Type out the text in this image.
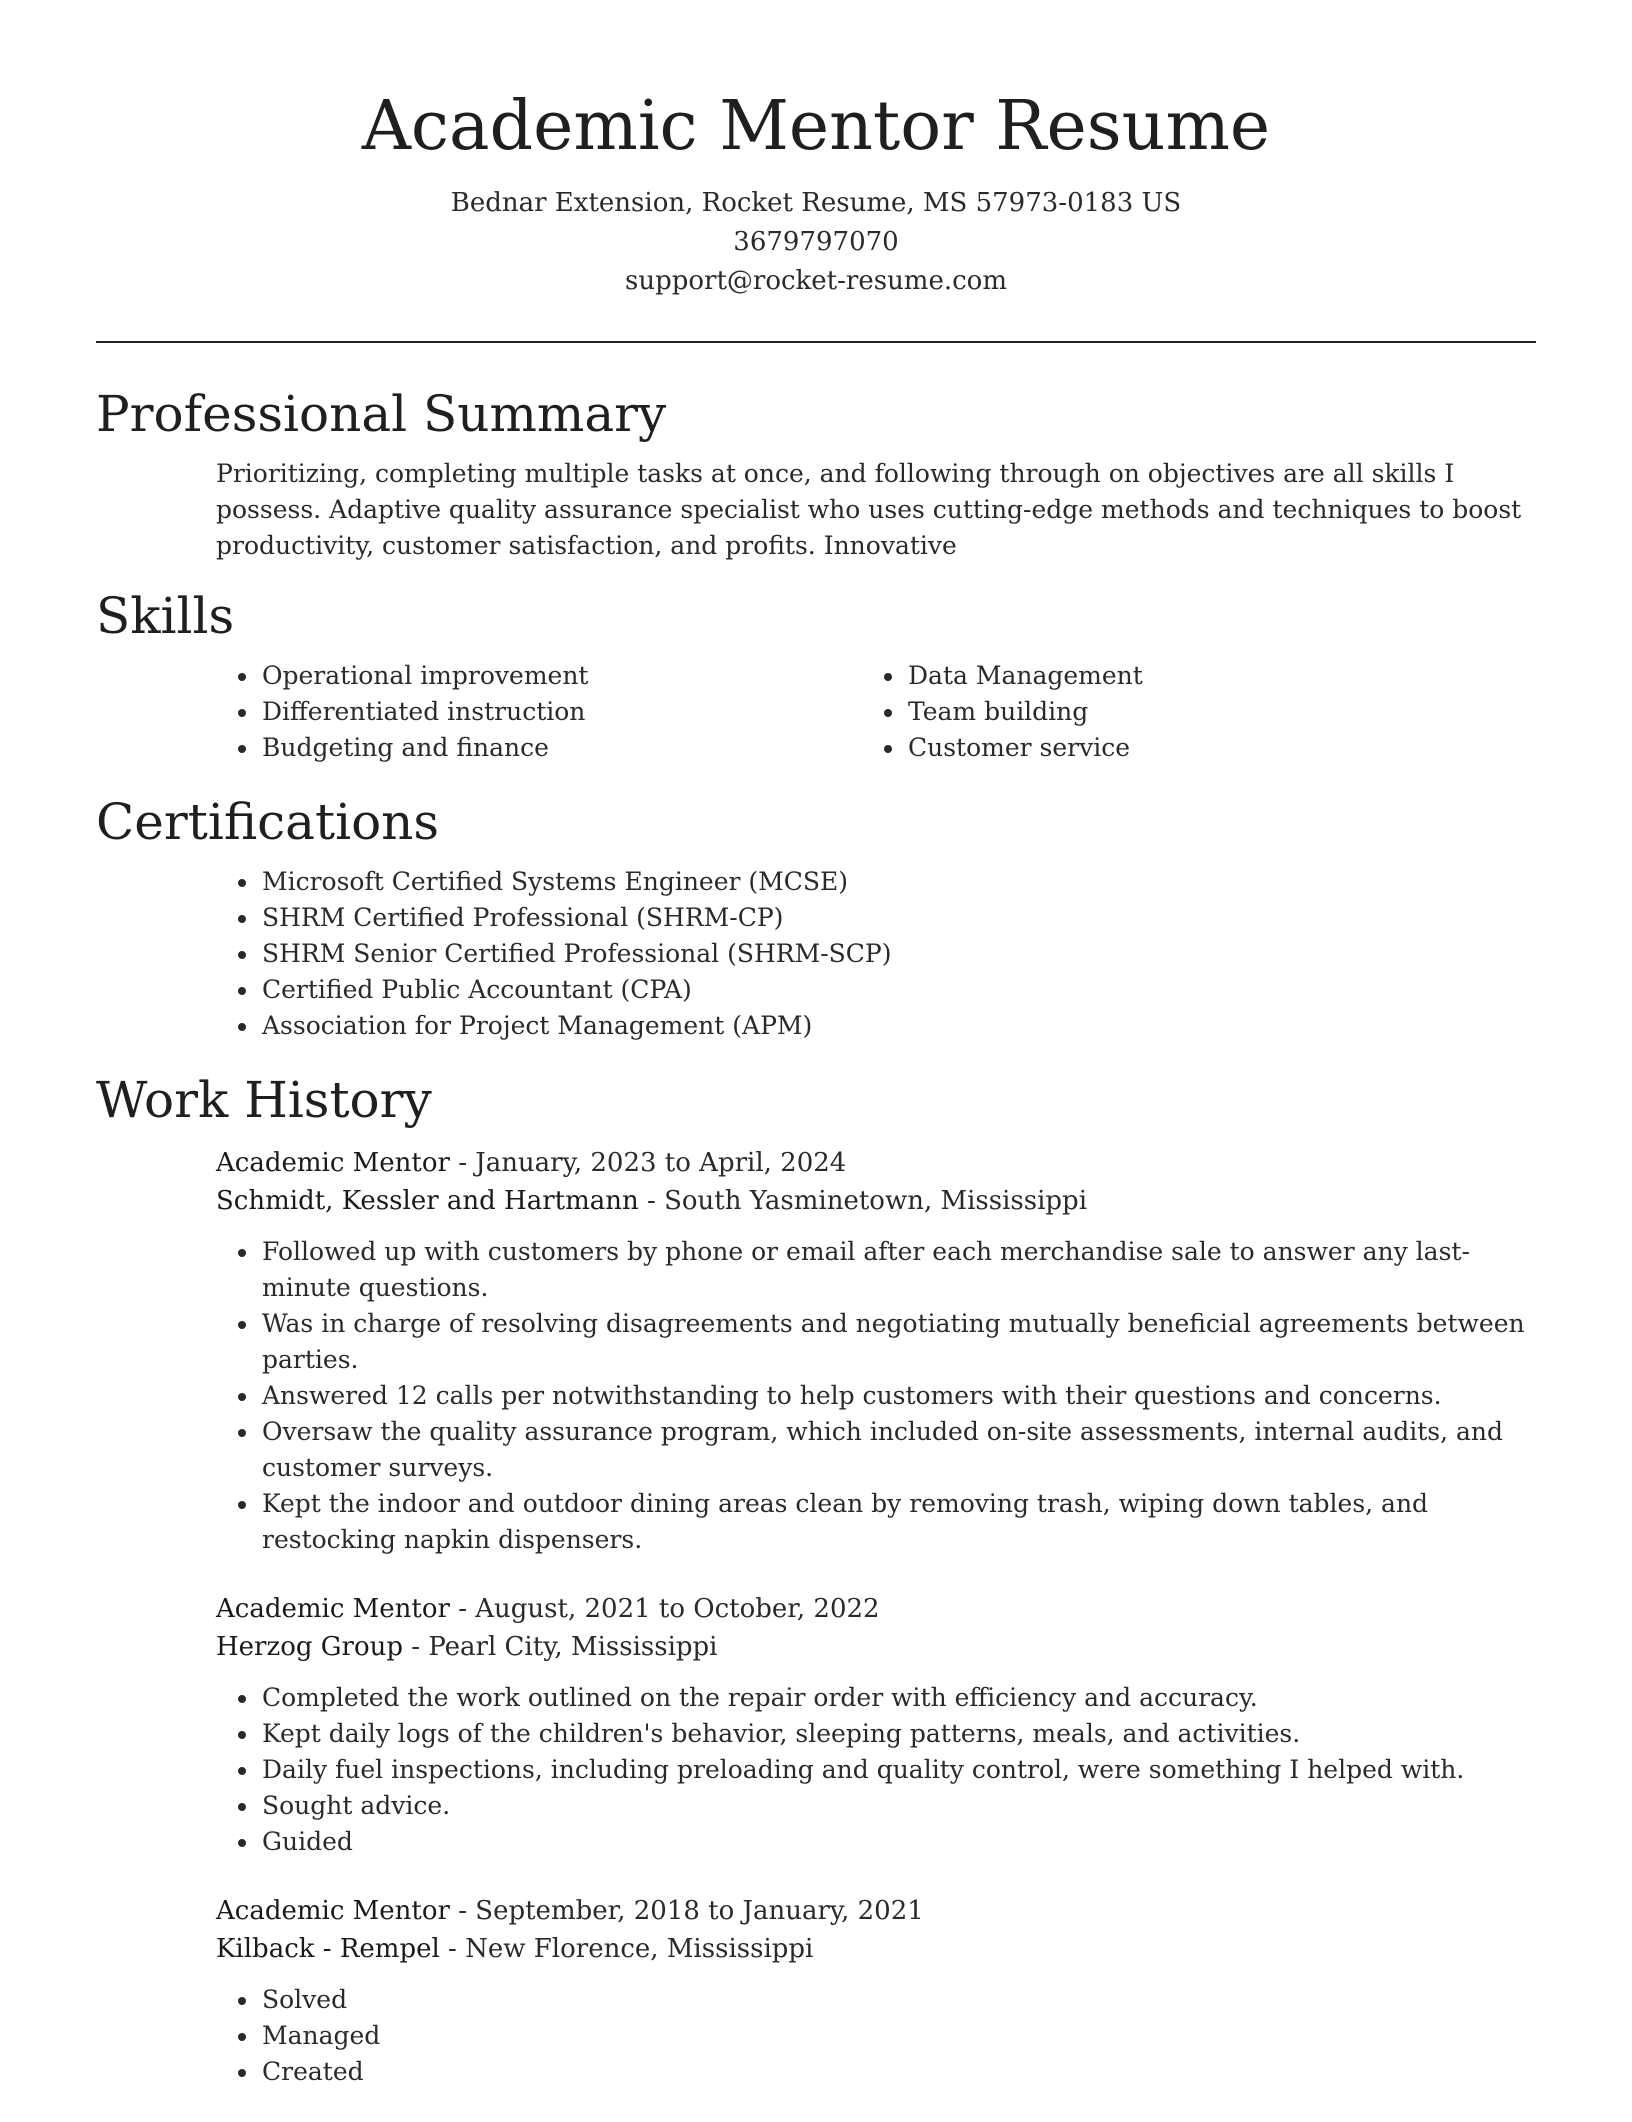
Academic Mentor Resume
Bednar Extension, Rocket Resume, MS 57973-0183 US
3679797070
support@rocket-resume.com
Professional Summary
Prioritizing, completing multiple tasks at once, and following through on objectives are all skills I possess. Adaptive quality assurance specialist who uses cutting-edge methods and techniques to boost productivity, customer satisfaction, and profits. Innovative
Skills
• Operational improvement
• Differentiated instruction
• Budgeting and finance
• Data Management
• Team building
• Customer service
Certifications
• Microsoft Certified Systems Engineer (MCSE)
• SHRM Certified Professional (SHRM-CP)
• SHRM Senior Certified Professional (SHRM-SCP)
• Certified Public Accountant (CPA)
• Association for Project Management (APM)
Work History
Academic Mentor - January, 2023 to April, 2024
Schmidt, Kessler and Hartmann - South Yasminetown, Mississippi
• Followed up with customers by phone or email after each merchandise sale to answer any last-minute questions.
• Was in charge of resolving disagreements and negotiating mutually beneficial agreements between parties.
• Answered 12 calls per notwithstanding to help customers with their questions and concerns.
• Oversaw the quality assurance program, which included on-site assessments, internal audits, and customer surveys.
• Kept the indoor and outdoor dining areas clean by removing trash, wiping down tables, and restocking napkin dispensers.
Academic Mentor - August, 2021 to October, 2022
Herzog Group - Pearl City, Mississippi
• Completed the work outlined on the repair order with efficiency and accuracy.
• Kept daily logs of the children's behavior, sleeping patterns, meals, and activities.
• Daily fuel inspections, including preloading and quality control, were something I helped with.
• Sought advice.
• Guided
Academic Mentor - September, 2018 to January, 2021
Kilback - Rempel - New Florence, Mississippi
• Solved
• Managed
• Created
